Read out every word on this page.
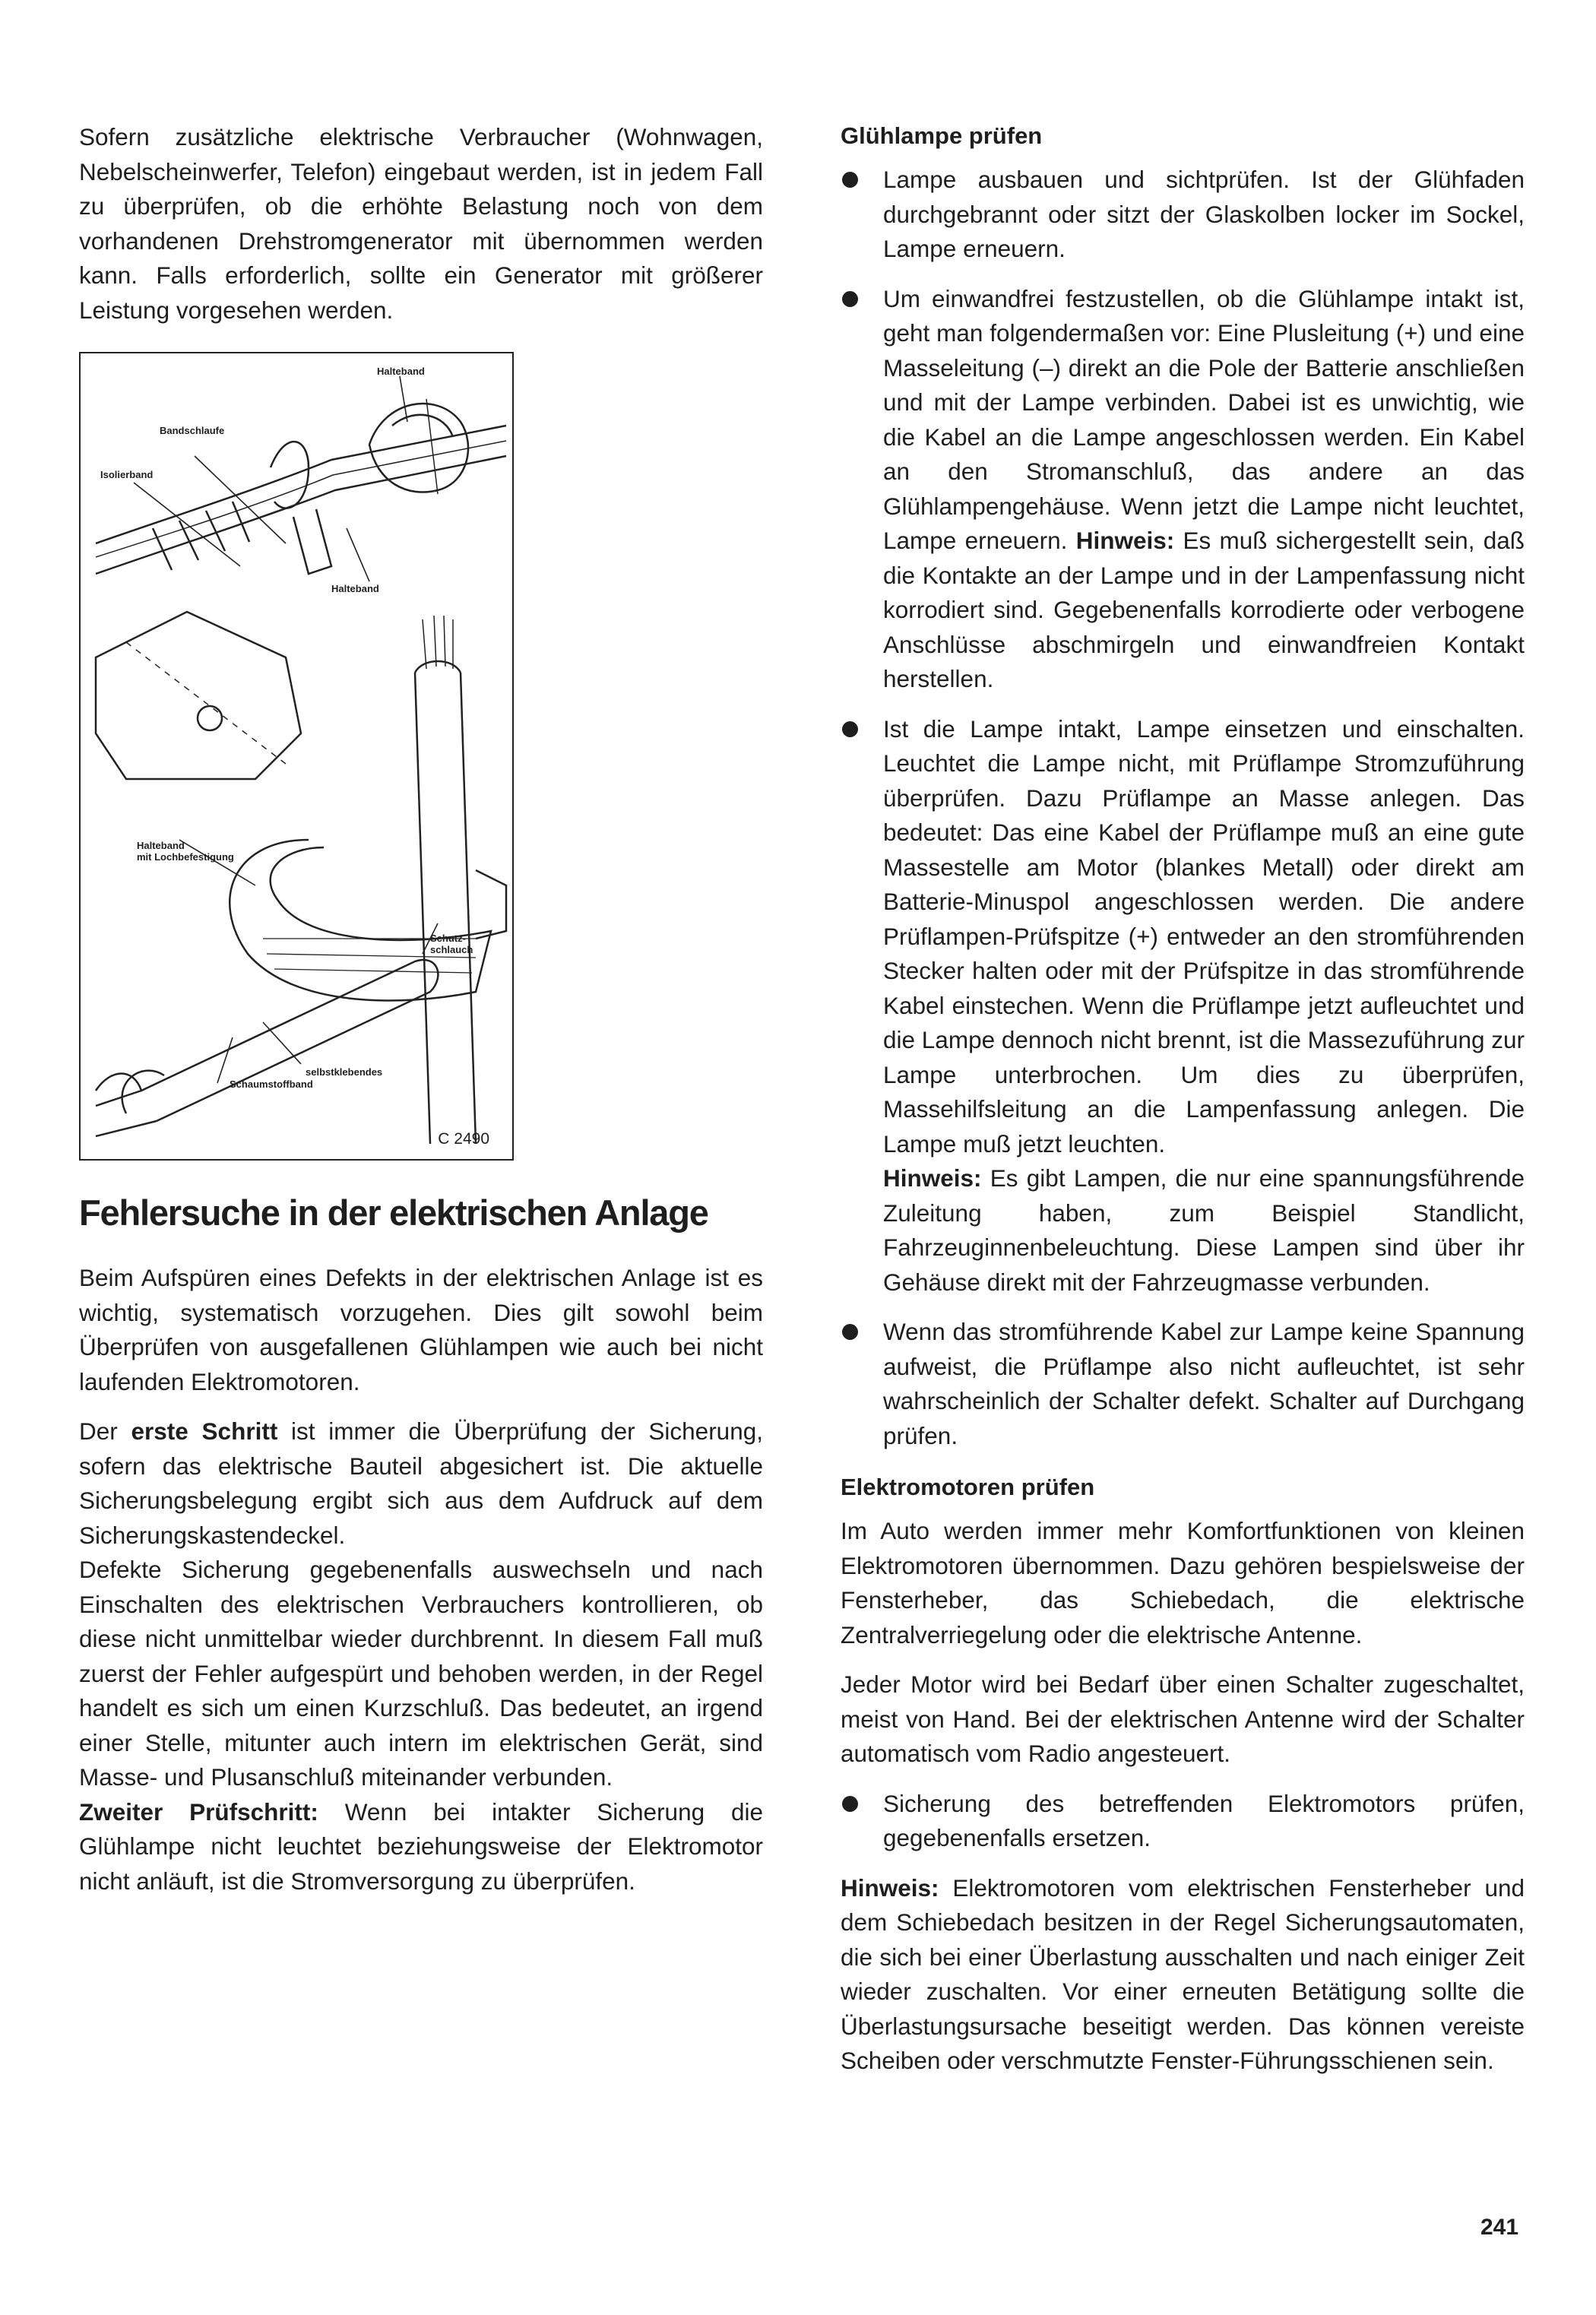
Sofern zusätzliche elektrische Verbraucher (Wohnwagen, Nebelscheinwerfer, Telefon) eingebaut werden, ist in jedem Fall zu überprüfen, ob die erhöhte Belastung noch von dem vorhandenen Drehstromgenerator mit übernommen werden kann. Falls erforderlich, sollte ein Generator mit größerer Leistung vorgesehen werden.

Halteband
Bandschlaufe
Isolierband
Halteband
Halteband
mit Lochbefestigung
Schutz-
schlauch
selbstklebendes
Schaumstoffband
C 2490
Fehlersuche in der elektrischen Anlage

Beim Aufspüren eines Defekts in der elektrischen Anlage ist es wichtig, systematisch vorzugehen. Dies gilt sowohl beim Überprüfen von ausgefallenen Glühlampen wie auch bei nicht laufenden Elektromotoren.

Der erste Schritt ist immer die Überprüfung der Sicherung, sofern das elektrische Bauteil abgesichert ist. Die aktuelle Sicherungsbelegung ergibt sich aus dem Aufdruck auf dem Sicherungskastendeckel.

Defekte Sicherung gegebenenfalls auswechseln und nach Einschalten des elektrischen Verbrauchers kontrollieren, ob diese nicht unmittelbar wieder durchbrennt. In diesem Fall muß zuerst der Fehler aufgespürt und behoben werden, in der Regel handelt es sich um einen Kurzschluß. Das bedeutet, an irgend einer Stelle, mitunter auch intern im elektrischen Gerät, sind Masse- und Plusanschluß miteinander verbunden.

Zweiter Prüfschritt: Wenn bei intakter Sicherung die Glühlampe nicht leuchtet beziehungsweise der Elektromotor nicht anläuft, ist die Stromversorgung zu überprüfen.

Glühlampe prüfen

Lampe ausbauen und sichtprüfen. Ist der Glühfaden durchgebrannt oder sitzt der Glaskolben locker im Sockel, Lampe erneuern.

Um einwandfrei festzustellen, ob die Glühlampe intakt ist, geht man folgendermaßen vor: Eine Plusleitung (+) und eine Masseleitung (–) direkt an die Pole der Batterie anschließen und mit der Lampe verbinden. Dabei ist es unwichtig, wie die Kabel an die Lampe angeschlossen werden. Ein Kabel an den Stromanschluß, das andere an das Glühlampengehäuse. Wenn jetzt die Lampe nicht leuchtet, Lampe erneuern. Hinweis: Es muß sichergestellt sein, daß die Kontakte an der Lampe und in der Lampenfassung nicht korrodiert sind. Gegebenenfalls korrodierte oder verbogene Anschlüsse abschmirgeln und einwandfreien Kontakt herstellen.

Ist die Lampe intakt, Lampe einsetzen und einschalten. Leuchtet die Lampe nicht, mit Prüflampe Stromzuführung überprüfen. Dazu Prüflampe an Masse anlegen. Das bedeutet: Das eine Kabel der Prüflampe muß an eine gute Massestelle am Motor (blankes Metall) oder direkt am Batterie-Minuspol angeschlossen werden. Die andere Prüflampen-Prüfspitze (+) entweder an den stromführenden Stecker halten oder mit der Prüfspitze in das stromführende Kabel einstechen. Wenn die Prüflampe jetzt aufleuchtet und die Lampe dennoch nicht brennt, ist die Massezuführung zur Lampe unterbrochen. Um dies zu überprüfen, Massehilfsleitung an die Lampenfassung anlegen. Die Lampe muß jetzt leuchten.
Hinweis: Es gibt Lampen, die nur eine spannungsführende Zuleitung haben, zum Beispiel Standlicht, Fahrzeuginnenbeleuchtung. Diese Lampen sind über ihr Gehäuse direkt mit der Fahrzeugmasse verbunden.

Wenn das stromführende Kabel zur Lampe keine Spannung aufweist, die Prüflampe also nicht aufleuchtet, ist sehr wahrscheinlich der Schalter defekt. Schalter auf Durchgang prüfen.

Elektromotoren prüfen

Im Auto werden immer mehr Komfortfunktionen von kleinen Elektromotoren übernommen. Dazu gehören bespielsweise der Fensterheber, das Schiebedach, die elektrische Zentralverriegelung oder die elektrische Antenne.

Jeder Motor wird bei Bedarf über einen Schalter zugeschaltet, meist von Hand. Bei der elektrischen Antenne wird der Schalter automatisch vom Radio angesteuert.

Sicherung des betreffenden Elektromotors prüfen, gegebenenfalls ersetzen.

Hinweis: Elektromotoren vom elektrischen Fensterheber und dem Schiebedach besitzen in der Regel Sicherungsautomaten, die sich bei einer Überlastung ausschalten und nach einiger Zeit wieder zuschalten. Vor einer erneuten Betätigung sollte die Überlastungsursache beseitigt werden. Das können vereiste Scheiben oder verschmutzte Fenster-Führungsschienen sein.

241
